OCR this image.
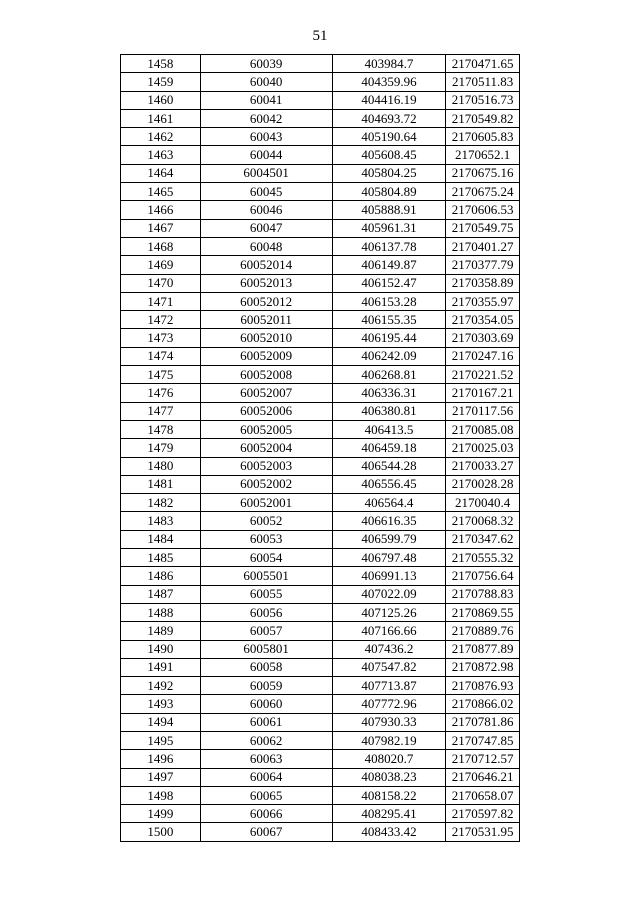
51
1458	60039	403984.7	2170471.65
1459	60040	404359.96	2170511.83
1460	60041	404416.19	2170516.73
1461	60042	404693.72	2170549.82
1462	60043	405190.64	2170605.83
1463	60044	405608.45	2170652.1
1464	6004501	405804.25	2170675.16
1465	60045	405804.89	2170675.24
1466	60046	405888.91	2170606.53
1467	60047	405961.31	2170549.75
1468	60048	406137.78	2170401.27
1469	60052014	406149.87	2170377.79
1470	60052013	406152.47	2170358.89
1471	60052012	406153.28	2170355.97
1472	60052011	406155.35	2170354.05
1473	60052010	406195.44	2170303.69
1474	60052009	406242.09	2170247.16
1475	60052008	406268.81	2170221.52
1476	60052007	406336.31	2170167.21
1477	60052006	406380.81	2170117.56
1478	60052005	406413.5	2170085.08
1479	60052004	406459.18	2170025.03
1480	60052003	406544.28	2170033.27
1481	60052002	406556.45	2170028.28
1482	60052001	406564.4	2170040.4
1483	60052	406616.35	2170068.32
1484	60053	406599.79	2170347.62
1485	60054	406797.48	2170555.32
1486	6005501	406991.13	2170756.64
1487	60055	407022.09	2170788.83
1488	60056	407125.26	2170869.55
1489	60057	407166.66	2170889.76
1490	6005801	407436.2	2170877.89
1491	60058	407547.82	2170872.98
1492	60059	407713.87	2170876.93
1493	60060	407772.96	2170866.02
1494	60061	407930.33	2170781.86
1495	60062	407982.19	2170747.85
1496	60063	408020.7	2170712.57
1497	60064	408038.23	2170646.21
1498	60065	408158.22	2170658.07
1499	60066	408295.41	2170597.82
1500	60067	408433.42	2170531.95
